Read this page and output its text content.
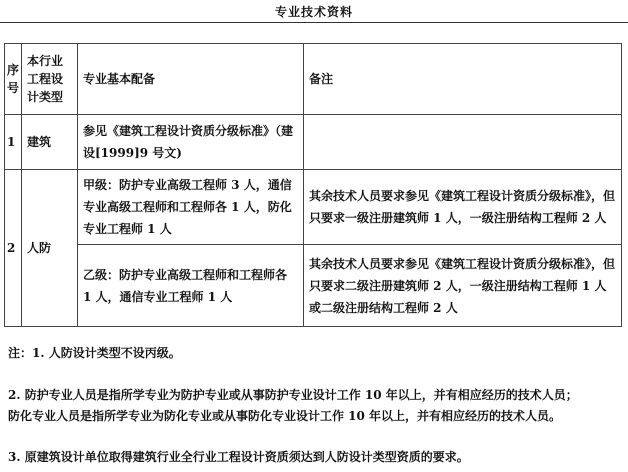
专业技术资料
序号	本行业工程设计类型	专业基本配备	备注
1	建筑	参见《建筑工程设计资质分级标准》（建设[1999]9 号文)	
2	人防	甲级：防护专业高级工程师 3 人，通信专业高级工程师和工程师各 1 人，防化专业工程师 1 人	其余技术人员要求参见《建筑工程设计资质分级标准》，但只要求一级注册建筑师 1 人，一级注册结构工程师 2 人
		乙级：防护专业高级工程师和工程师各 1 人，通信专业工程师 1 人	其余技术人员要求参见《建筑工程设计资质分级标准》，但只要求二级注册建筑师 2 人，一级注册结构工程师 1 人或二级注册结构工程师 2 人
注：1. 人防设计类型不设丙级。
2. 防护专业人员是指所学专业为防护专业或从事防护专业设计工作 10 年以上，并有相应经历的技术人员；
防化专业人员是指所学专业为防化专业或从事防化专业设计工作 10 年以上，并有相应经历的技术人员。
3. 原建筑设计单位取得建筑行业全行业工程设计资质须达到人防设计类型资质的要求。
